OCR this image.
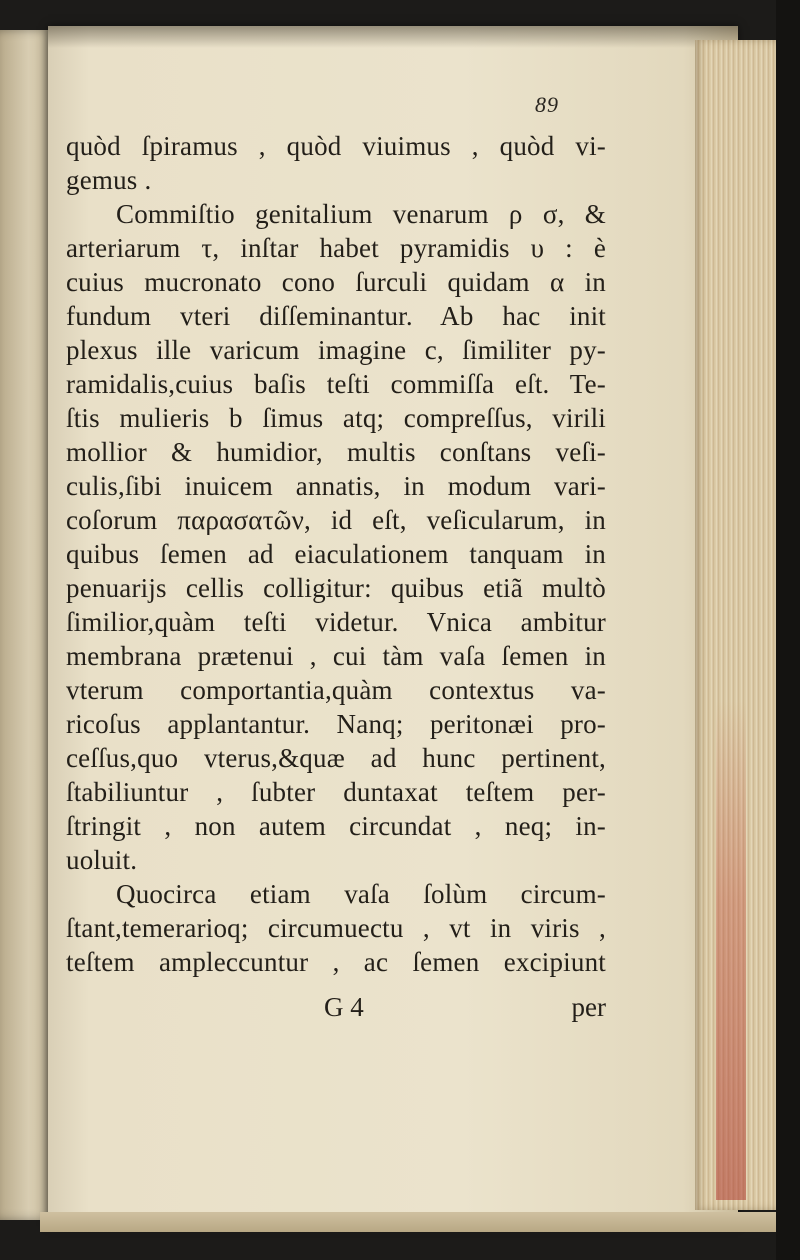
89
quòd ſpiramus , quòd viuimus , quòd vi-
gemus .
Commiſtio genitalium venarum ρ σ, &
arteriarum τ, inſtar habet pyramidis υ : è
cuius mucronato cono ſurculi quidam α in
fundum vteri diſſeminantur. Ab hac init
plexus ille varicum imagine c, ſimiliter py-
ramidalis,cuius baſis teſti commiſſa eſt. Te-
ſtis mulieris b ſimus atq; compreſſus, virili
mollior & humidior, multis conſtans veſi-
culis,ſibi inuicem annatis, in modum vari-
coſorum παρασατῶν, id eſt, veſicularum, in
quibus ſemen ad eiaculationem tanquam in
penuarijs cellis colligitur: quibus etiã multò
ſimilior,quàm teſti videtur. Vnica ambitur
membrana prætenui , cui tàm vaſa ſemen in
vterum comportantia,quàm contextus va-
ricoſus applantantur. Nanq; peritonæi pro-
ceſſus,quo vterus,&quæ ad hunc pertinent,
ſtabiliuntur , ſubter duntaxat teſtem per-
ſtringit , non autem circundat , neq; in-
uoluit.
Quocirca etiam vaſa ſolùm circum-
ſtant,temerarioq; circumuectu , vt in viris ,
teſtem ampleccuntur , ac ſemen excipiunt
G 4	per
